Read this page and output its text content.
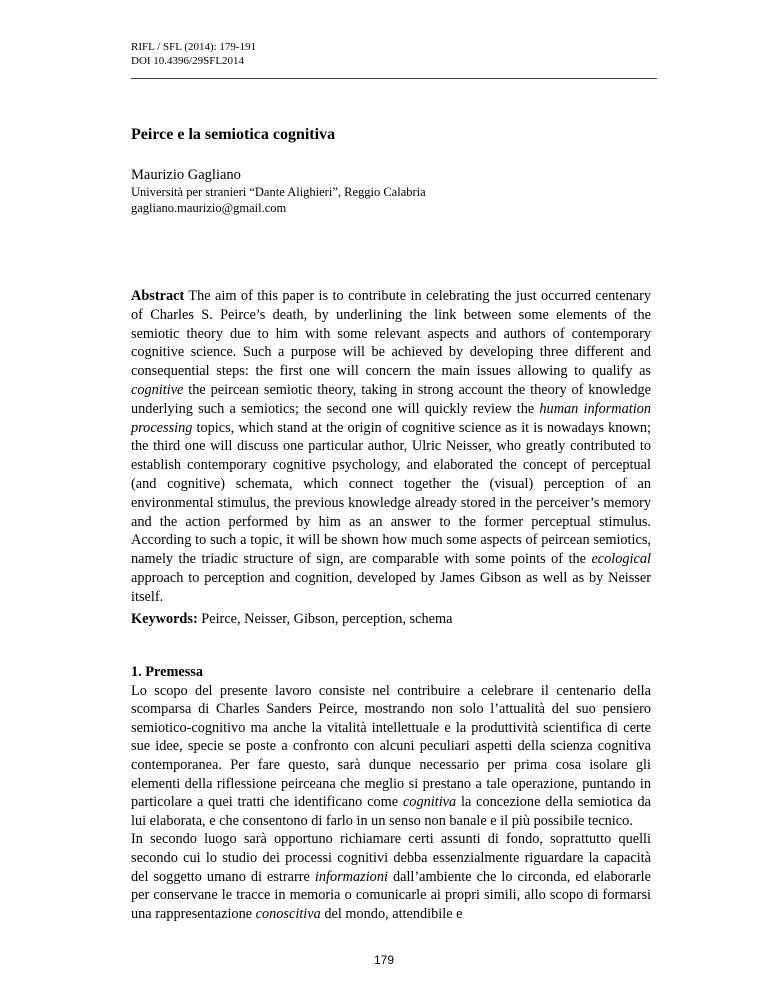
RIFL / SFL (2014): 179-191
DOI 10.4396/29SFL2014
Peirce e la semiotica cognitiva
Maurizio Gagliano
Università per stranieri “Dante Alighieri”, Reggio Calabria
gagliano.maurizio@gmail.com

Abstract The aim of this paper is to contribute in celebrating the just occurred centenary of Charles S. Peirce’s death, by underlining the link between some elements of the semiotic theory due to him with some relevant aspects and authors of contemporary cognitive science. Such a purpose will be achieved by developing three different and consequential steps: the first one will concern the main issues allowing to qualify as cognitive the peircean semiotic theory, taking in strong account the theory of knowledge underlying such a semiotics; the second one will quickly review the human information processing topics, which stand at the origin of cognitive science as it is nowadays known; the third one will discuss one particular author, Ulric Neisser, who greatly contributed to establish contemporary cognitive psychology, and elaborated the concept of perceptual (and cognitive) schemata, which connect together the (visual) perception of an environmental stimulus, the previous knowledge already stored in the perceiver’s memory and the action performed by him as an answer to the former perceptual stimulus. According to such a topic, it will be shown how much some aspects of peircean semiotics, namely the triadic structure of sign, are comparable with some points of the ecological approach to perception and cognition, developed by James Gibson as well as by Neisser itself.

Keywords: Peirce, Neisser, Gibson, perception, schema

1. Premessa

Lo scopo del presente lavoro consiste nel contribuire a celebrare il centenario della scomparsa di Charles Sanders Peirce, mostrando non solo l’attualità del suo pensiero semiotico-cognitivo ma anche la vitalità intellettuale e la produttività scientifica di certe sue idee, specie se poste a confronto con alcuni peculiari aspetti della scienza cognitiva contemporanea. Per fare questo, sarà dunque necessario per prima cosa isolare gli elementi della riflessione peirceana che meglio si prestano a tale operazione, puntando in particolare a quei tratti che identificano come cognitiva la concezione della semiotica da lui elaborata, e che consentono di farlo in un senso non banale e il più possibile tecnico.

In secondo luogo sarà opportuno richiamare certi assunti di fondo, soprattutto quelli secondo cui lo studio dei processi cognitivi debba essenzialmente riguardare la capacità del soggetto umano di estrarre informazioni dall’ambiente che lo circonda, ed elaborarle per conservane le tracce in memoria o comunicarle ai propri simili, allo scopo di formarsi una rappresentazione conoscitiva del mondo, attendibile e

179
